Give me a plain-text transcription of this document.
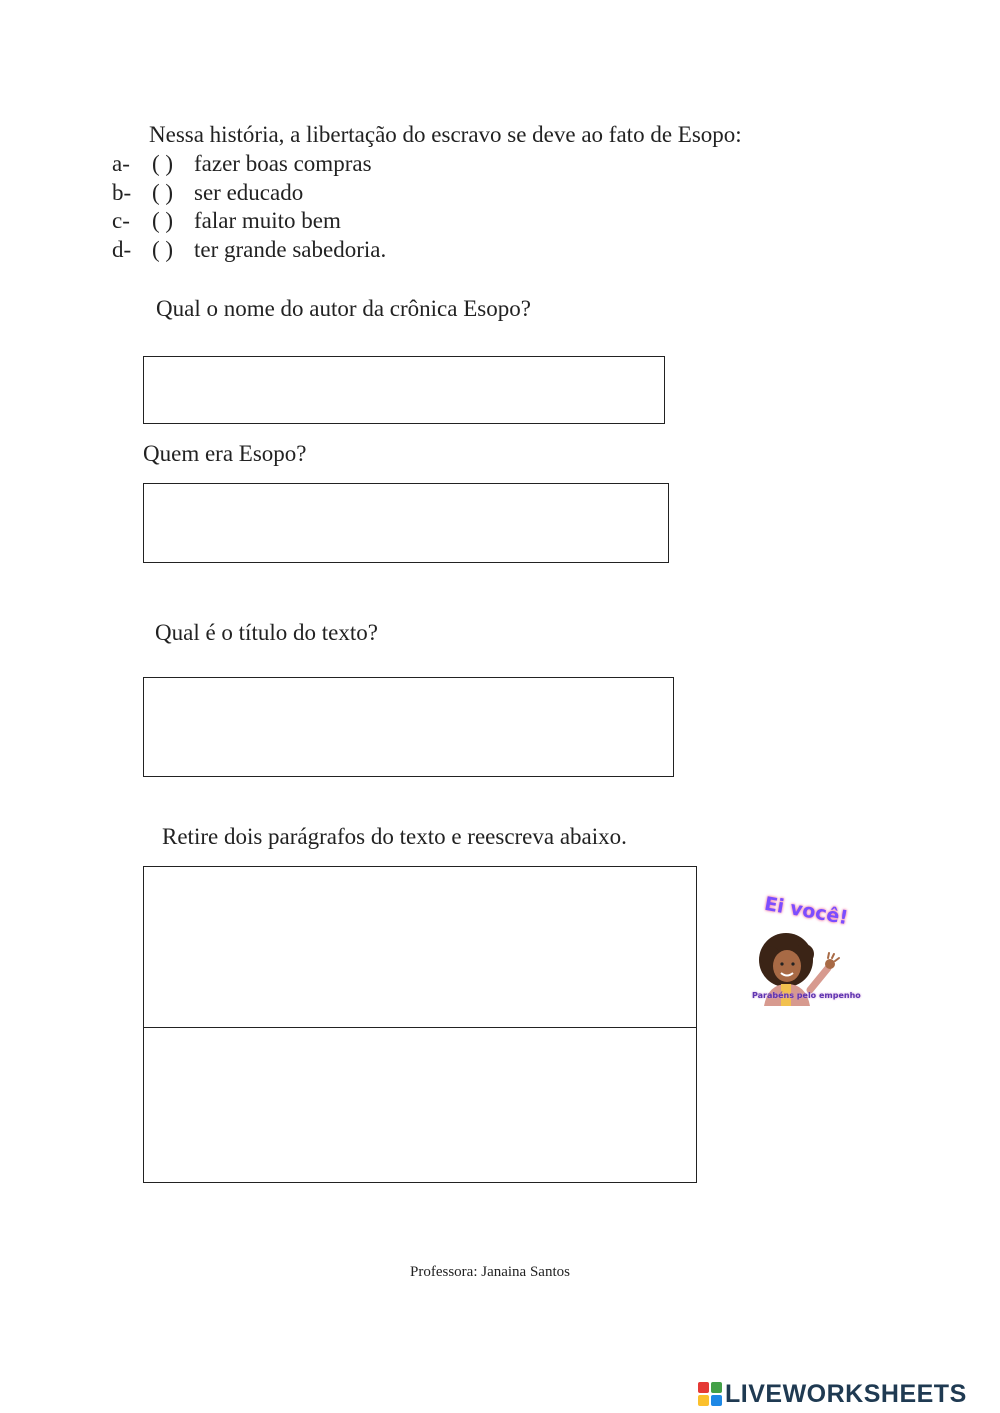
Nessa história, a libertação do escravo se deve ao fato de Esopo:
a- ( ) fazer boas compras
b- ( ) ser educado
c- ( ) falar muito bem
d- ( ) ter grande sabedoria.
Qual o nome do autor da crônica Esopo?
Quem era Esopo?
Qual é o título do texto?
Retire dois parágrafos do texto e reescreva abaixo.
Ei você!
Parabéns pelo empenho
Professora: Janaina Santos
LIVEWORKSHEETS
